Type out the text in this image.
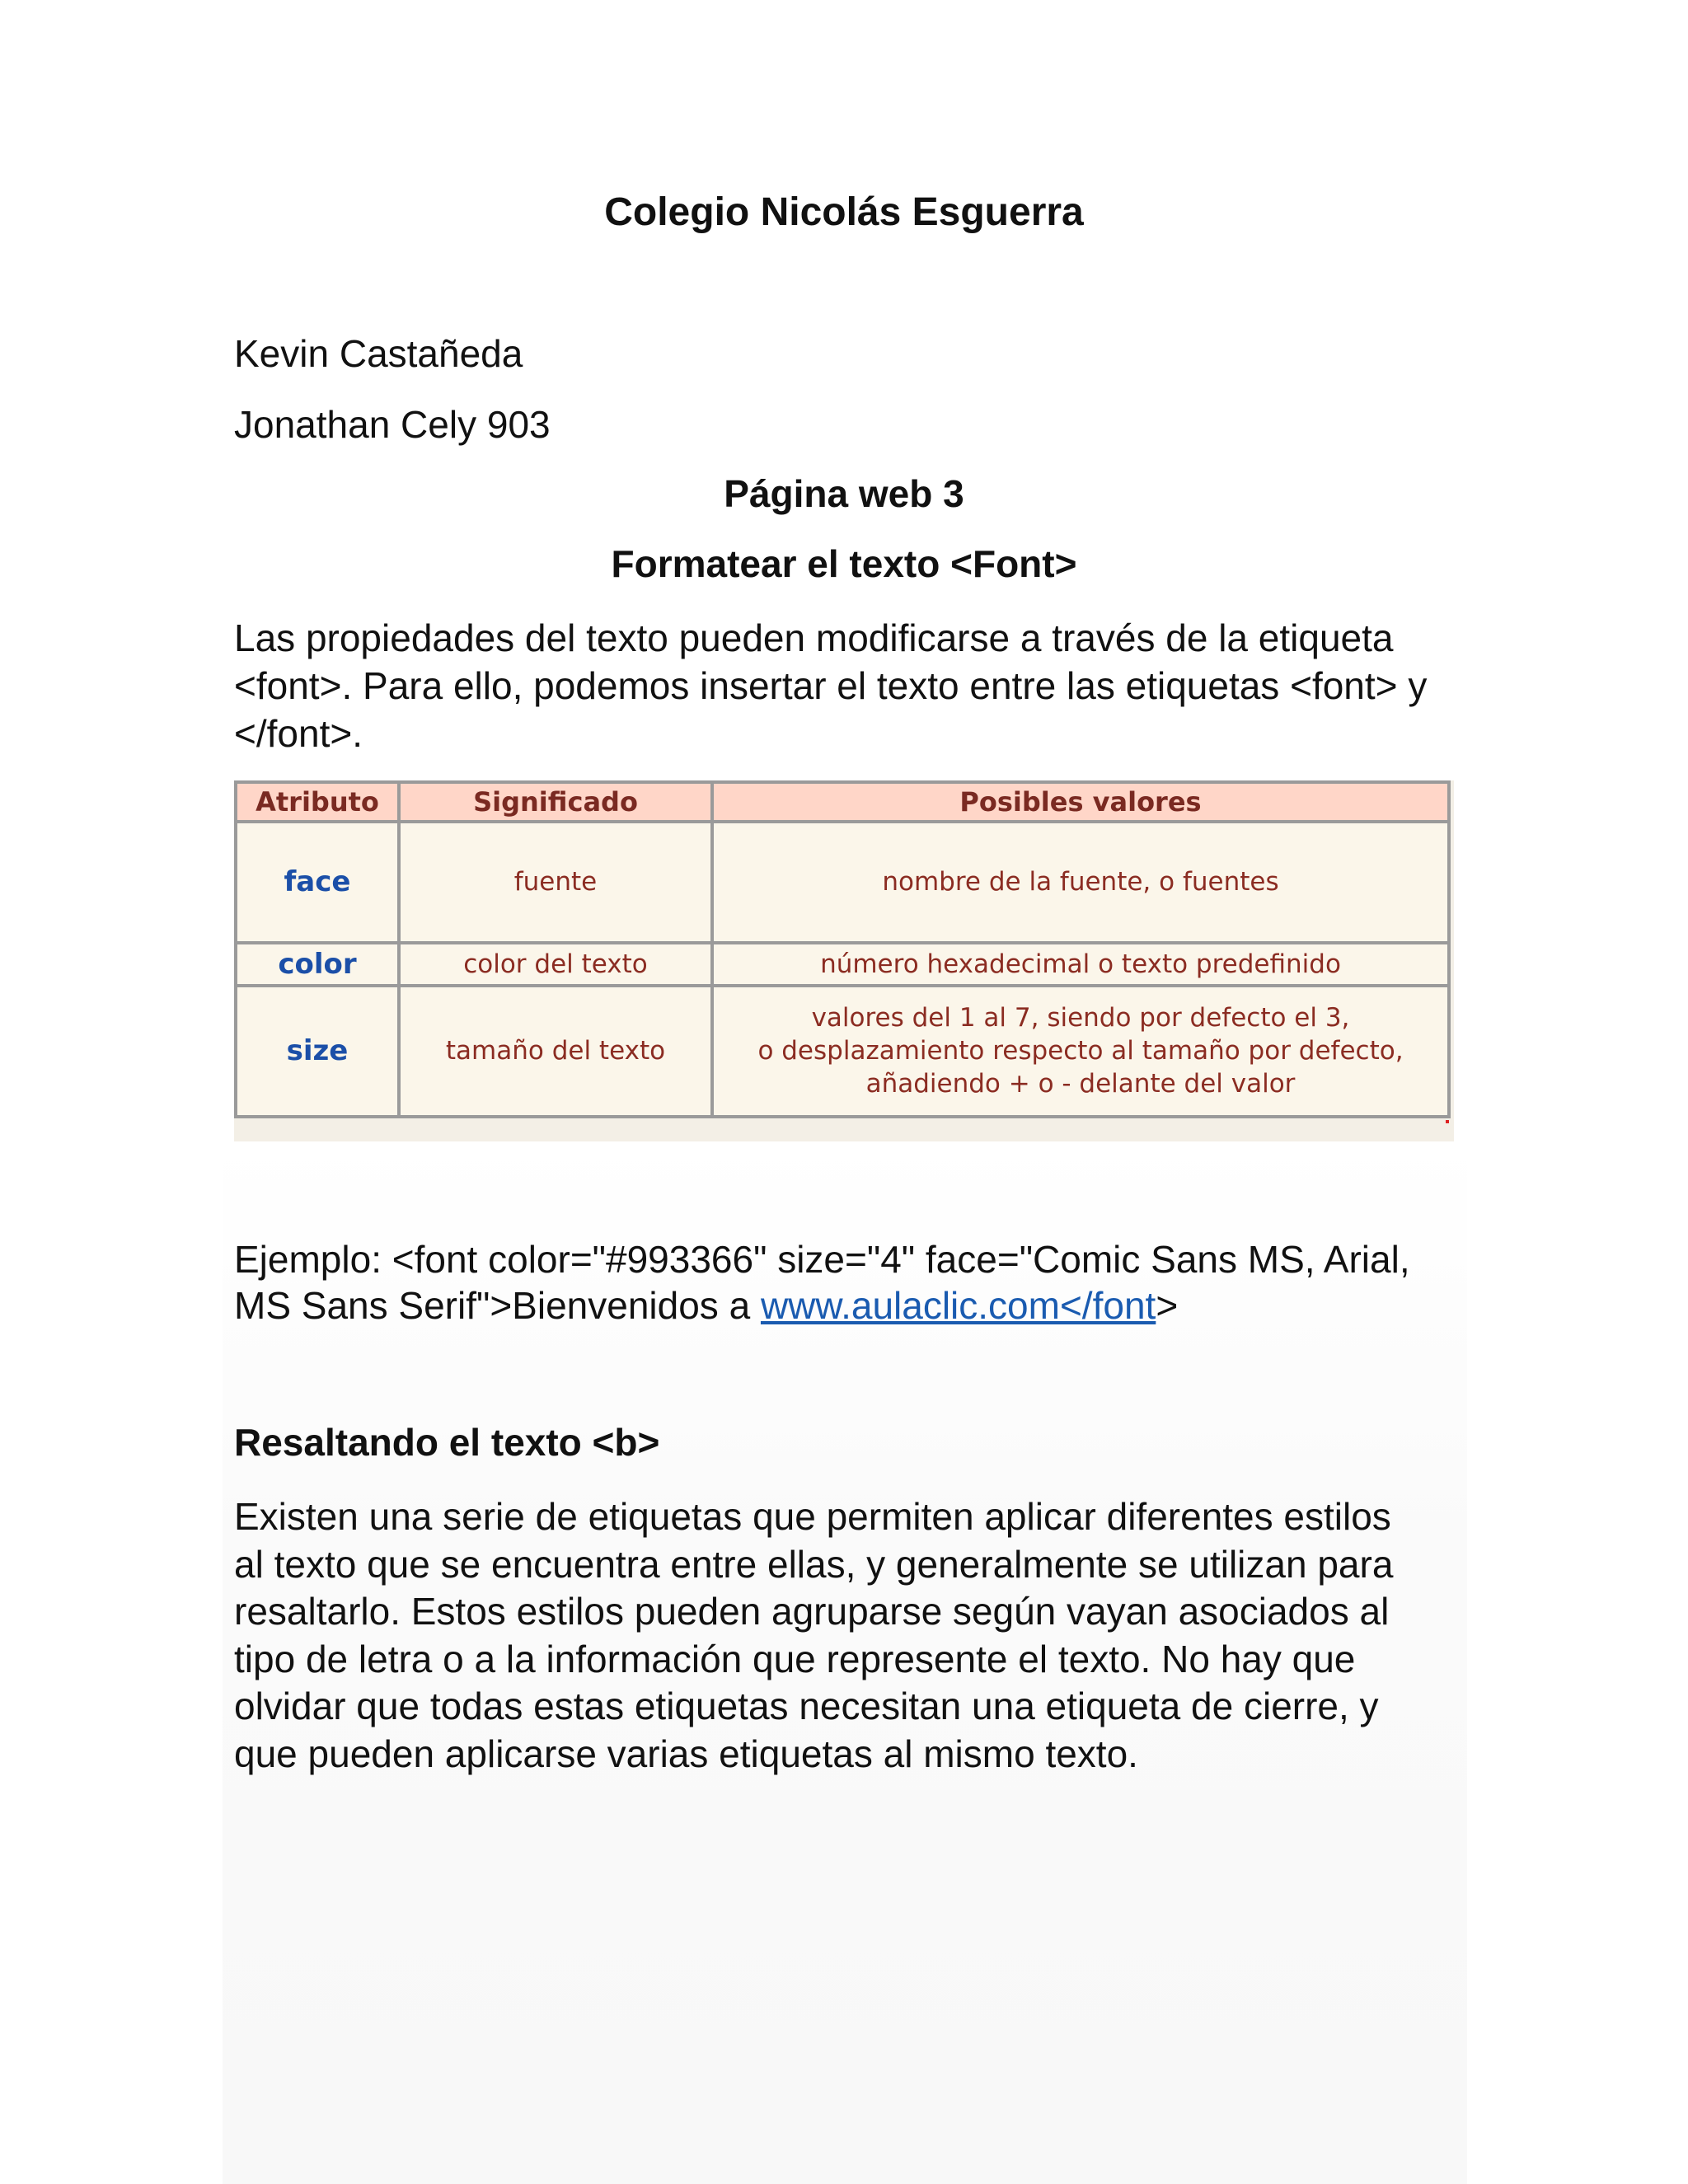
Colegio Nicolás Esguerra

Kevin Castañeda

Jonathan Cely 903

Página web 3

Formatear el texto <Font>

Las propiedades del texto pueden modificarse a través de la etiqueta
<font>. Para ello, podemos insertar el texto entre las etiquetas <font> y
</font>.
Ejemplo: <font color="#993366" size="4" face="Comic Sans MS, Arial,
MS Sans Serif">Bienvenidos a www.aulaclic.com</font>

Resaltando el texto <b>

Existen una serie de etiquetas que permiten aplicar diferentes estilos
al texto que se encuentra entre ellas, y generalmente se utilizan para
resaltarlo. Estos estilos pueden agruparse según vayan asociados al
tipo de letra o a la información que represente el texto. No hay que
olvidar que todas estas etiquetas necesitan una etiqueta de cierre, y
que pueden aplicarse varias etiquetas al mismo texto.
Atributo	Significado	Posibles valores
face	fuente	nombre de la fuente, o fuentes
color	color del texto	número hexadecimal o texto predefinido
size	tamaño del texto	valores del 1 al 7, siendo por defecto el 3,
o desplazamiento respecto al tamaño por defecto,
añadiendo + o - delante del valor
